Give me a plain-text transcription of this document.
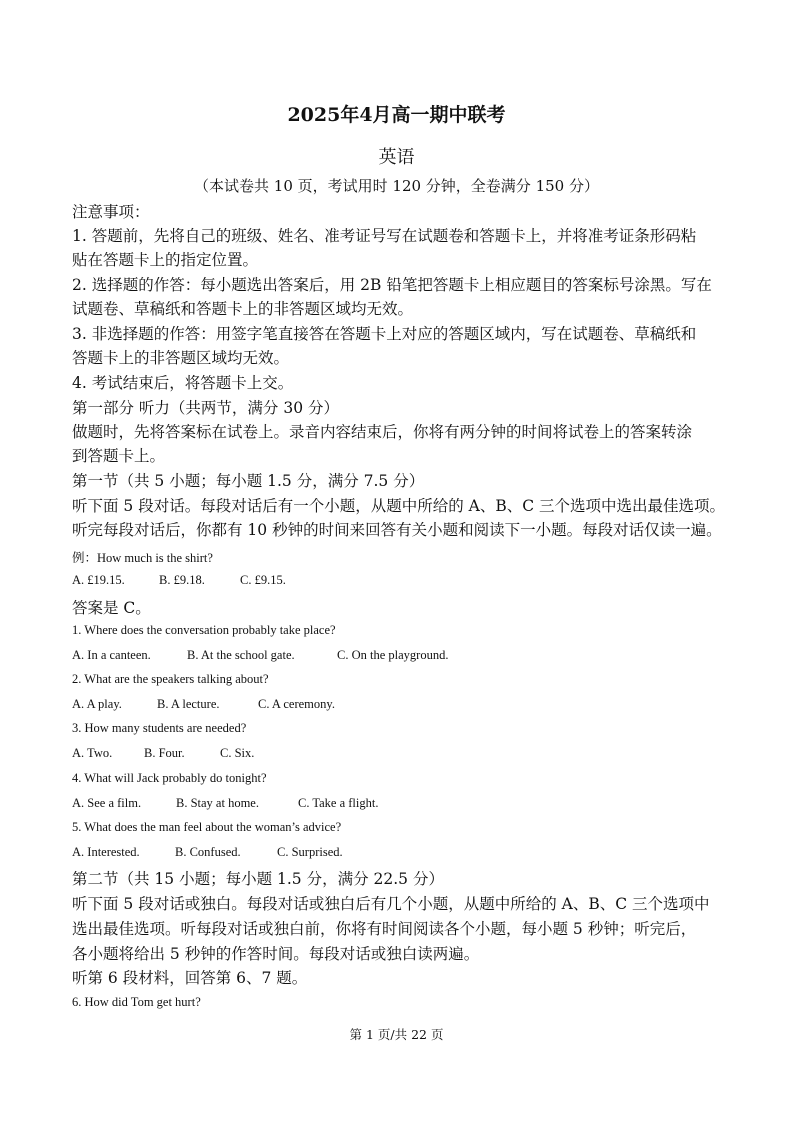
2025年4月高一期中联考
英语
（本试卷共 10 页，考试用时 120 分钟，全卷满分 150 分）
注意事项：
1. 答题前，先将自己的班级、姓名、准考证号写在试题卷和答题卡上，并将准考证条形码粘
贴在答题卡上的指定位置。
2. 选择题的作答：每小题选出答案后，用 2B 铅笔把答题卡上相应题目的答案标号涂黑。写在
试题卷、草稿纸和答题卡上的非答题区域均无效。
3. 非选择题的作答：用签字笔直接答在答题卡上对应的答题区域内，写在试题卷、草稿纸和
答题卡上的非答题区域均无效。
4. 考试结束后，将答题卡上交。
第一部分 听力（共两节，满分 30 分）
做题时，先将答案标在试卷上。录音内容结束后，你将有两分钟的时间将试卷上的答案转涂
到答题卡上。
第一节（共 5 小题；每小题 1.5 分，满分 7.5 分）
听下面 5 段对话。每段对话后有一个小题，从题中所给的 A、B、C 三个选项中选出最佳选项。
听完每段对话后，你都有 10 秒钟的时间来回答有关小题和阅读下一小题。每段对话仅读一遍。
例：How much is the shirt?
A. £19.15.	B. £9.18.	C. £9.15.
答案是 C。
1. Where does the conversation probably take place?
A. In a canteen.	B. At the school gate.	C. On the playground.
2. What are the speakers talking about?
A. A play.	B. A lecture.	C. A ceremony.
3. How many students are needed?
A. Two.	B. Four.	C. Six.
4. What will Jack probably do tonight?
A. See a film.	B. Stay at home.	C. Take a flight.
5. What does the man feel about the woman’s advice?
A. Interested.	B. Confused.	C. Surprised.
第二节（共 15 小题；每小题 1.5 分，满分 22.5 分）
听下面 5 段对话或独白。每段对话或独白后有几个小题，从题中所给的 A、B、C 三个选项中
选出最佳选项。听每段对话或独白前，你将有时间阅读各个小题，每小题 5 秒钟；听完后，
各小题将给出 5 秒钟的作答时间。每段对话或独白读两遍。
听第 6 段材料，回答第 6、7 题。
6. How did Tom get hurt?
第 1 页/共 22 页
